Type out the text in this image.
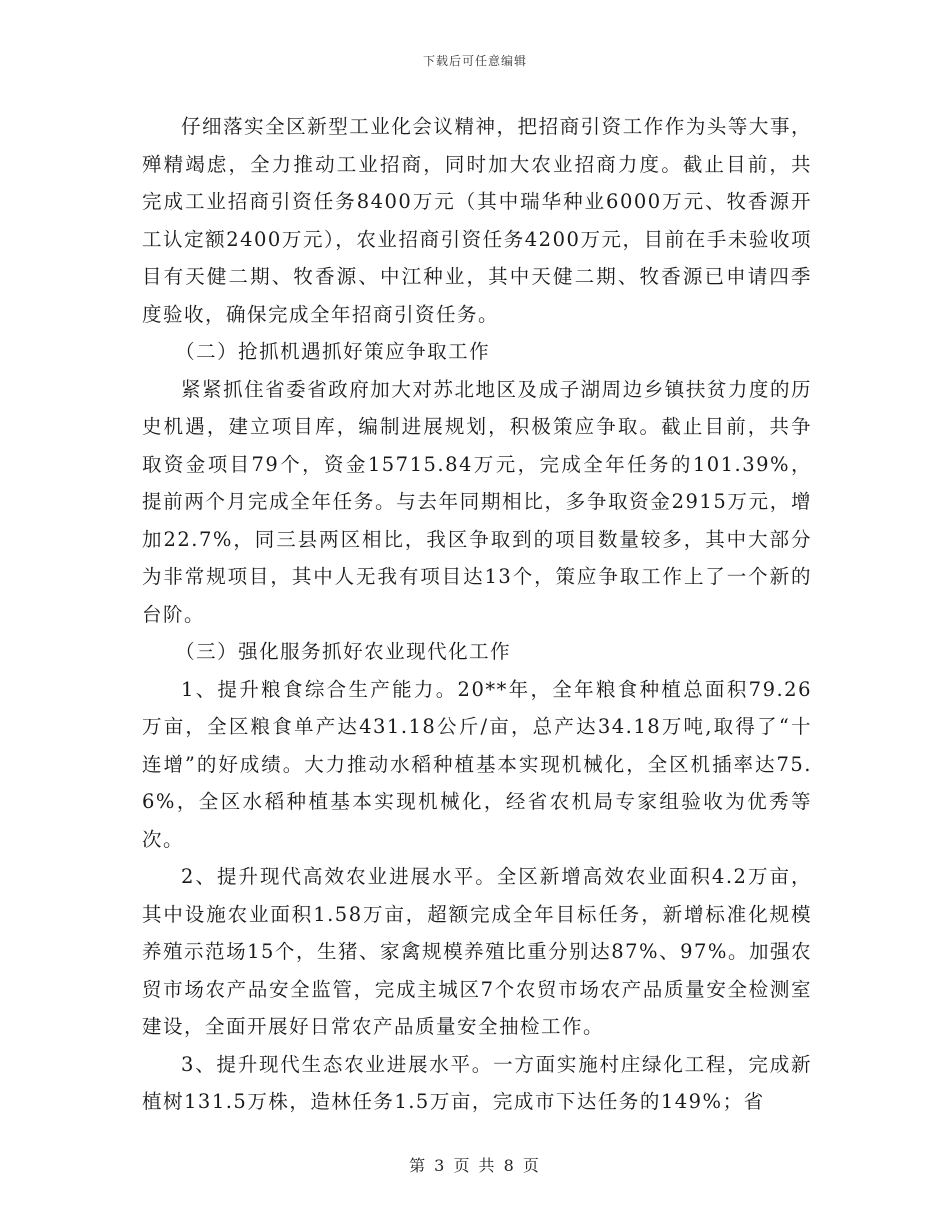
下载后可任意编辑

仔细落实全区新型工业化会议精神，把招商引资工作作为头等大事，殚精竭虑，全力推动工业招商，同时加大农业招商力度。截止目前，共完成工业招商引资任务8400万元（其中瑞华种业6000万元、牧香源开工认定额2400万元），农业招商引资任务4200万元，目前在手未验收项目有天健二期、牧香源、中江种业，其中天健二期、牧香源已申请四季度验收，确保完成全年招商引资任务。

（二）抢抓机遇抓好策应争取工作

紧紧抓住省委省政府加大对苏北地区及成子湖周边乡镇扶贫力度的历史机遇，建立项目库，编制进展规划，积极策应争取。截止目前，共争取资金项目79个，资金15715.84万元，完成全年任务的101.39%，提前两个月完成全年任务。与去年同期相比，多争取资金2915万元，增加22.7%，同三县两区相比，我区争取到的项目数量较多，其中大部分为非常规项目，其中人无我有项目达13个，策应争取工作上了一个新的台阶。

（三）强化服务抓好农业现代化工作

1、提升粮食综合生产能力。20**年，全年粮食种植总面积79.26万亩，全区粮食单产达431.18公斤/亩，总产达34.18万吨,取得了“十连增”的好成绩。大力推动水稻种植基本实现机械化，全区机插率达75.6%，全区水稻种植基本实现机械化，经省农机局专家组验收为优秀等次。

2、提升现代高效农业进展水平。全区新增高效农业面积4.2万亩，其中设施农业面积1.58万亩，超额完成全年目标任务，新增标准化规模养殖示范场15个，生猪、家禽规模养殖比重分别达87%、97%。加强农贸市场农产品安全监管，完成主城区7个农贸市场农产品质量安全检测室建设，全面开展好日常农产品质量安全抽检工作。

3、提升现代生态农业进展水平。一方面实施村庄绿化工程，完成新植树131.5万株，造林任务1.5万亩，完成市下达任务的149%；省

第 3 页 共 8 页
